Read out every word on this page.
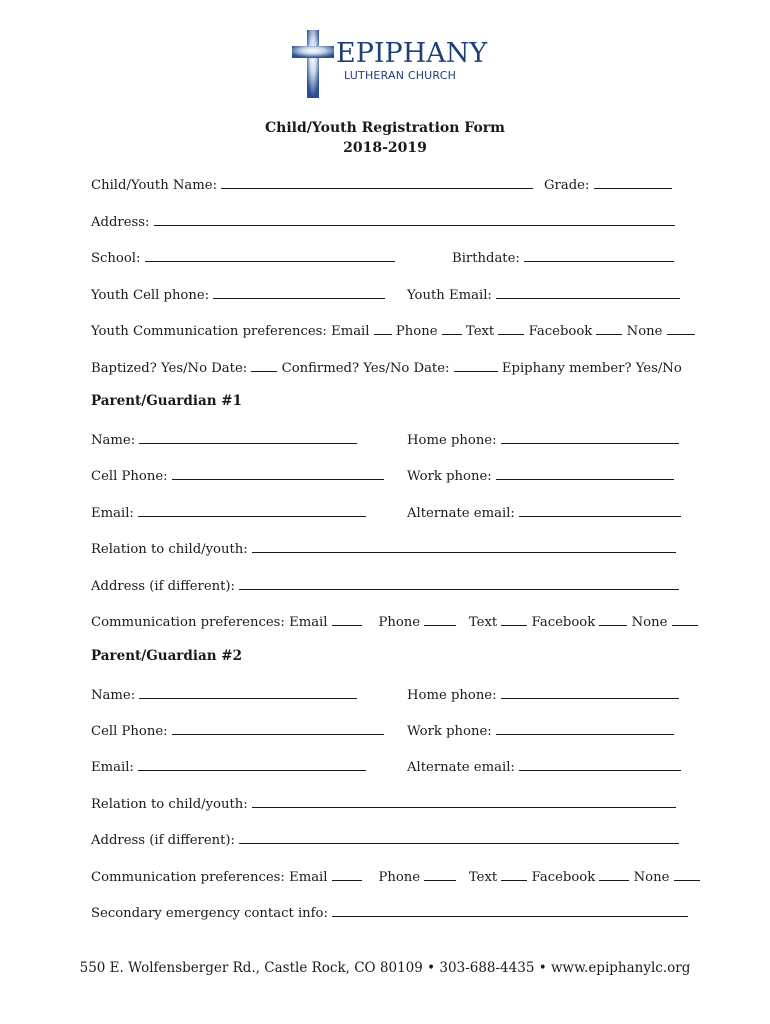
EPIPHANY
LUTHERAN CHURCH
Child/Youth Registration Form
2018-2019
Child/Youth Name:	Grade:
Address:
School:	Birthdate:
Youth Cell phone:	Youth Email:
Youth Communication preferences: Email Phone Text	Facebook	None
Baptized? Yes/No Date:	Confirmed? Yes/No Date:	Epiphany member? Yes/No
Parent/Guardian #1
Name:	Home phone:
Cell Phone:	Work phone:
Email:	Alternate email:
Relation to child/youth:
Address (if different):
Communication preferences: Email	Phone	Text	Facebook	None
Parent/Guardian #2
Name:	Home phone:
Cell Phone:	Work phone:
Email:	Alternate email:
Relation to child/youth:
Address (if different):
Communication preferences: Email	Phone	Text	Facebook	None
Secondary emergency contact info:
550 E. Wolfensberger Rd., Castle Rock, CO 80109 • 303-688-4435 • www.epiphanylc.org
